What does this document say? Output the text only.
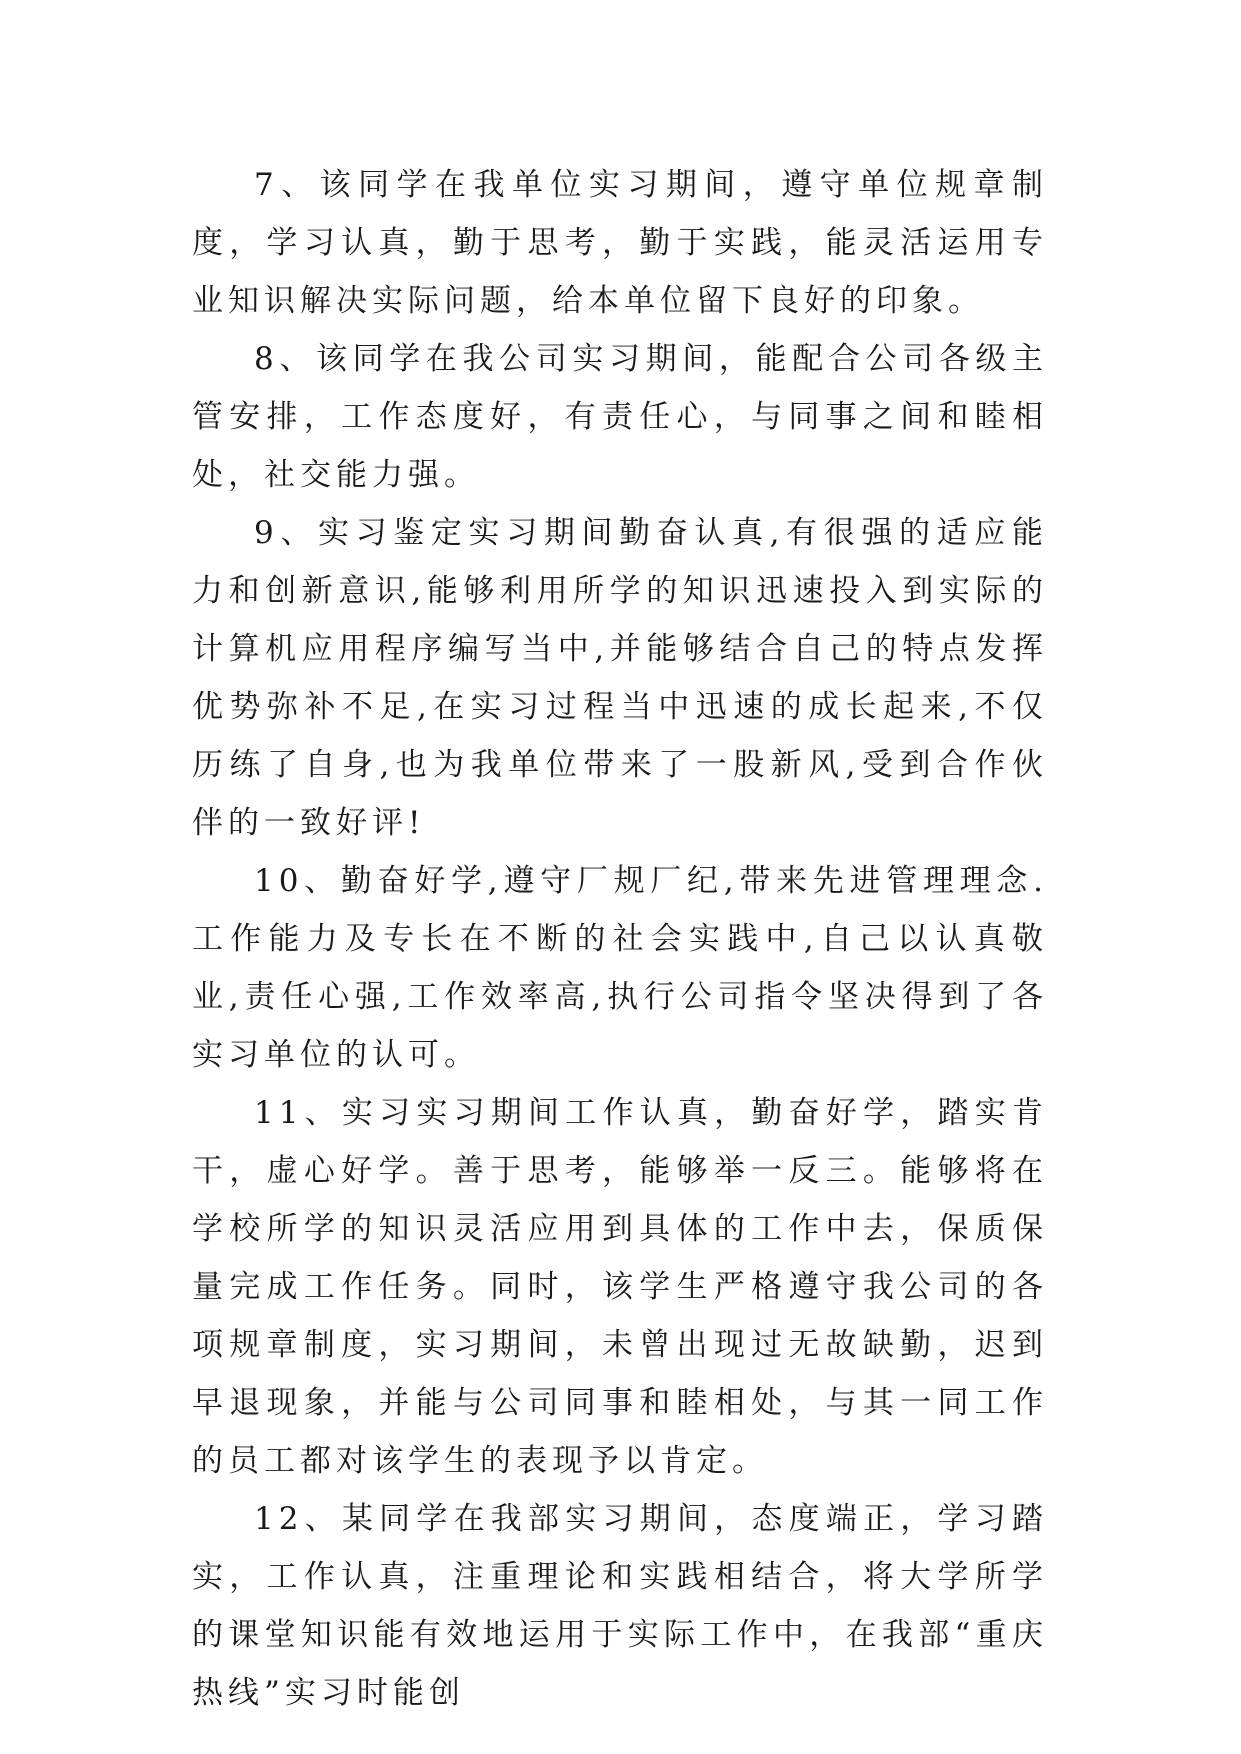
7、该同学在我单位实习期间，遵守单位规章制度，学习认真，勤于思考，勤于实践，能灵活运用专业知识解决实际问题，给本单位留下良好的印象。

8、该同学在我公司实习期间，能配合公司各级主管安排，工作态度好，有责任心，与同事之间和睦相处，社交能力强。

9、实习鉴定实习期间勤奋认真,有很强的适应能力和创新意识,能够利用所学的知识迅速投入到实际的计算机应用程序编写当中,并能够结合自己的特点发挥优势弥补不足,在实习过程当中迅速的成长起来,不仅历练了自身,也为我单位带来了一股新风,受到合作伙伴的一致好评!

10、勤奋好学,遵守厂规厂纪,带来先进管理理念.工作能力及专长在不断的社会实践中,自己以认真敬业,责任心强,工作效率高,执行公司指令坚决得到了各实习单位的认可。

11、实习实习期间工作认真，勤奋好学，踏实肯干，虚心好学。善于思考，能够举一反三。能够将在学校所学的知识灵活应用到具体的工作中去，保质保量完成工作任务。同时，该学生严格遵守我公司的各项规章制度，实习期间，未曾出现过无故缺勤，迟到早退现象，并能与公司同事和睦相处，与其一同工作的员工都对该学生的表现予以肯定。

12、某同学在我部实习期间，态度端正，学习踏实，工作认真，注重理论和实践相结合，将大学所学的课堂知识能有效地运用于实际工作中，在我部“重庆热线”实习时能创
